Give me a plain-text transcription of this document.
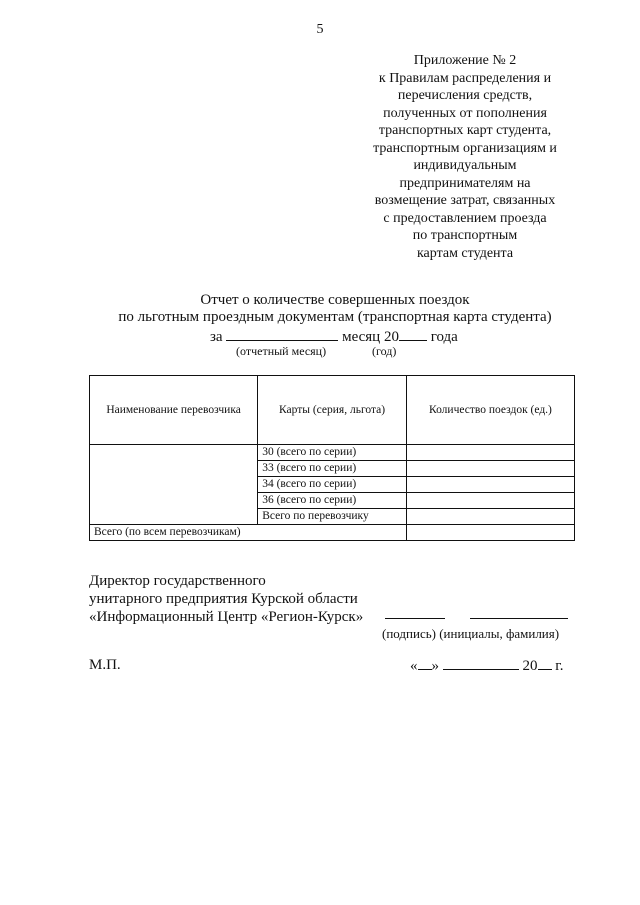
5
Приложение № 2
к Правилам распределения и
перечисления средств,
полученных от пополнения
транспортных карт студента,
транспортным организациям и
индивидуальным
предпринимателям на
возмещение затрат, связанных
с предоставлением проезда
по транспортным
картам студента
Отчет о количестве совершенных поездок
по льготным проездным документам (транспортная карта студента)
за	месяц 20 года
(отчетный месяц)	(год)
Наименование перевозчика	Карты (серия, льгота)	Количество поездок (ед.)
	30 (всего по серии)	
	33 (всего по серии)	
	34 (всего по серии)	
	36 (всего по серии)	
	Всего по перевозчику	
Всего (по всем перевозчикам)		
Директор государственного
унитарного предприятия Курской области
«Информационный Центр «Регион-Курск»
(подпись) (инициалы, фамилия)
М.П.	« »	20 г.
